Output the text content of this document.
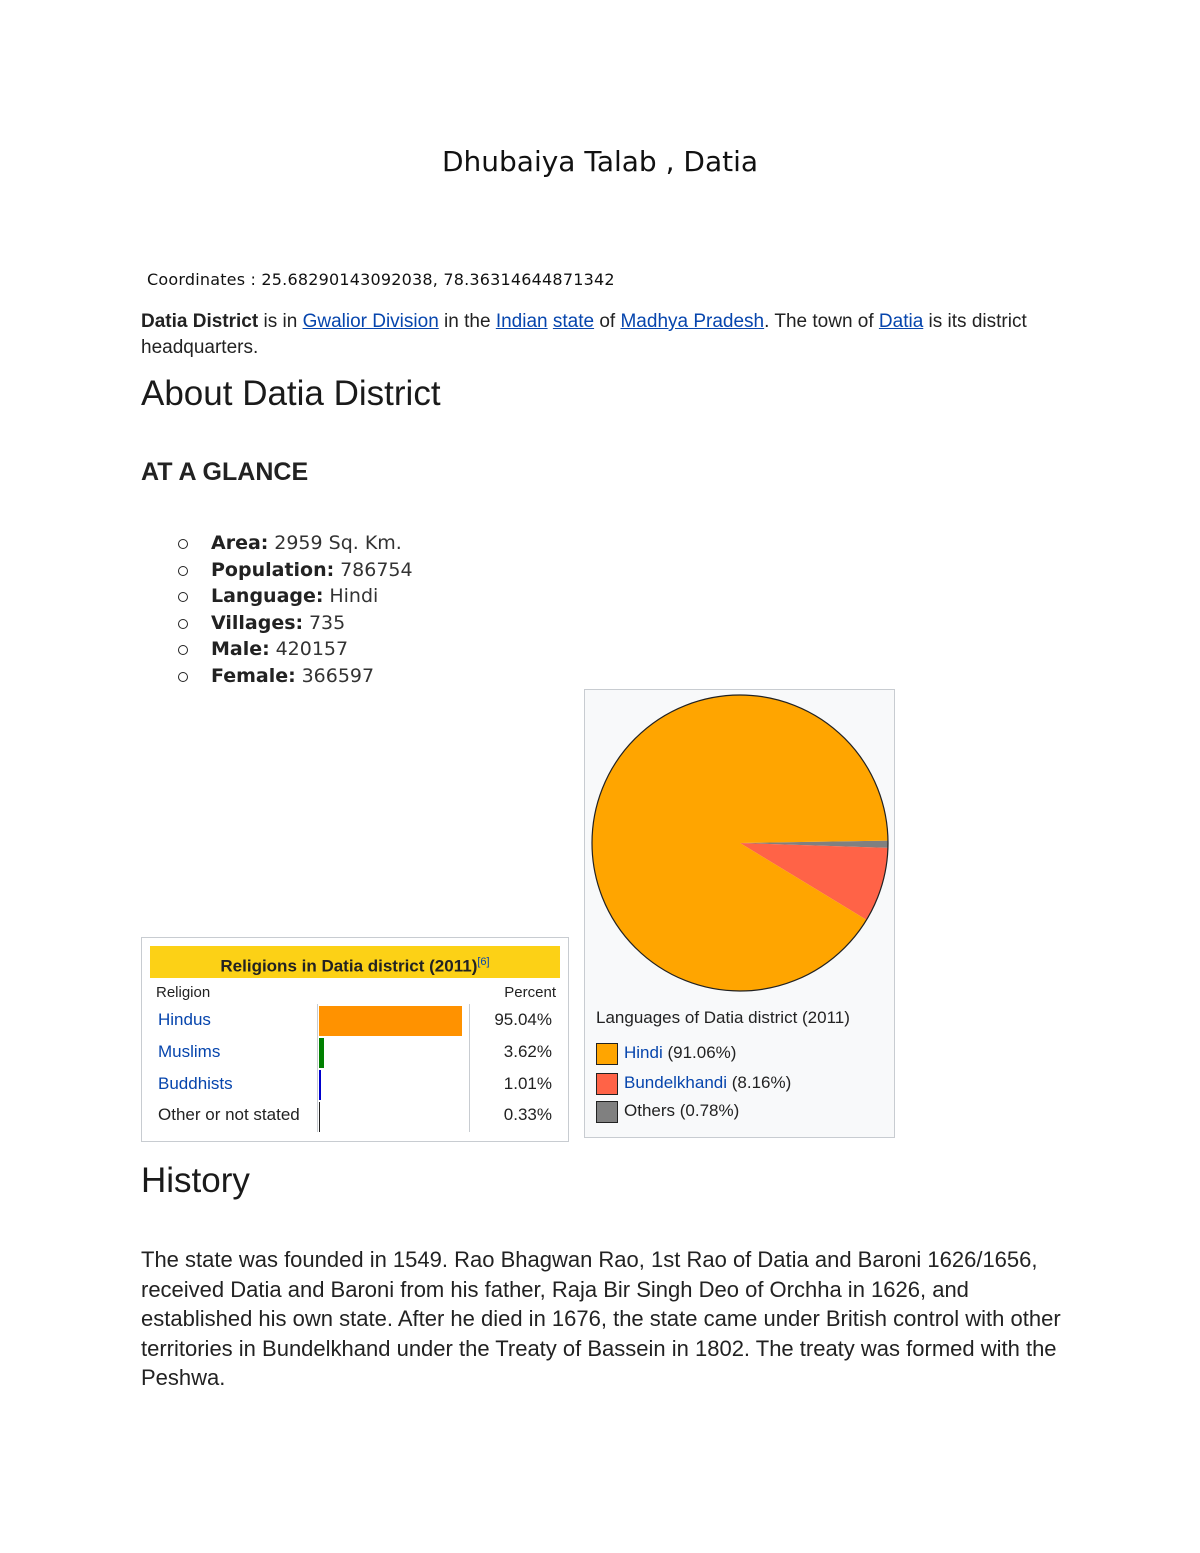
Dhubaiya Talab , Datia
Coordinates : 25.68290143092038, 78.36314644871342
Datia District is in Gwalior Division in the Indian state of Madhya Pradesh. The town of Datia is its district headquarters.
About Datia District
AT A GLANCE
Area: 2959 Sq. Km.
Population: 786754
Language: Hindi
Villages: 735
Male: 420157
Female: 366597
Religions in Datia district (2011)[6]
Religion	Percent
Hindus	95.04%
Muslims	3.62%
Buddhists	1.01%
Other or not stated	0.33%
Languages of Datia district (2011)
Hindi (91.06%)
Bundelkhandi (8.16%)
Others (0.78%)
History
The state was founded in 1549. Rao Bhagwan Rao, 1st Rao of Datia and Baroni 1626/1656, received Datia and Baroni from his father, Raja Bir Singh Deo of Orchha in 1626, and established his own state. After he died in 1676, the state came under British control with other territories in Bundelkhand under the Treaty of Bassein in 1802. The treaty was formed with the Peshwa.
